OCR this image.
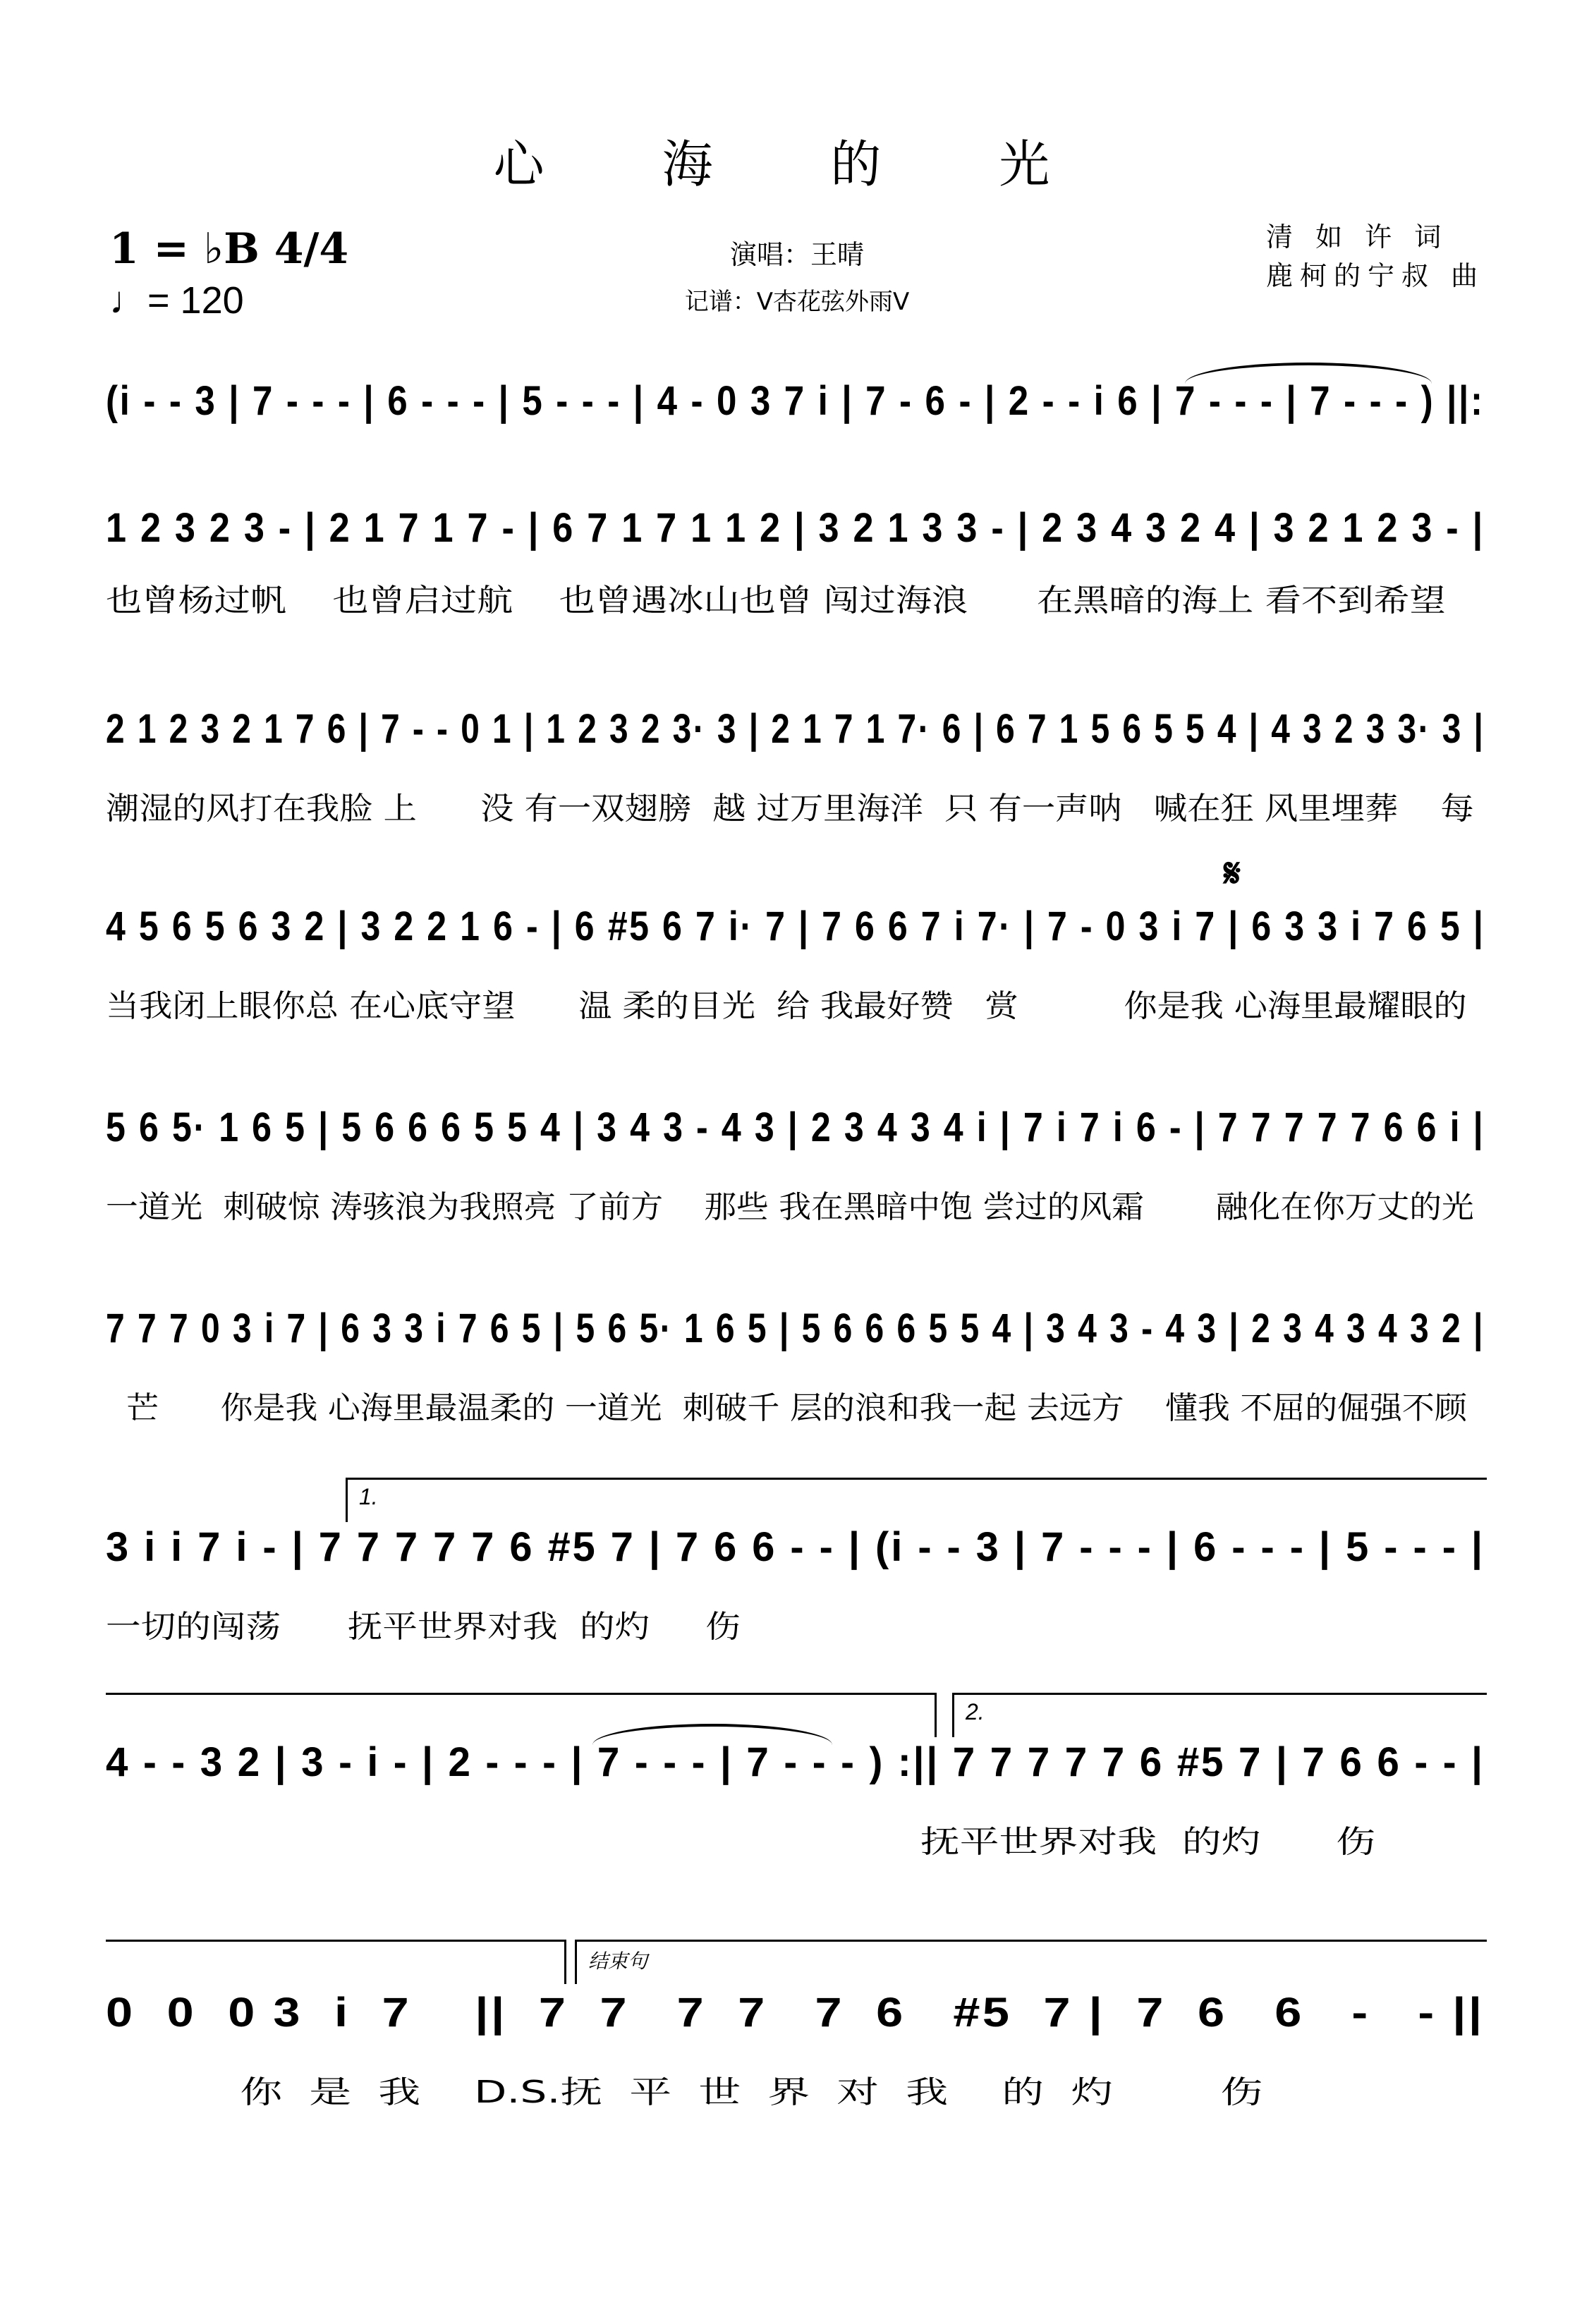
心 海 的 光
1 = ♭B 4/4
♩= 120
演唱：王晴
记谱：V杏花弦外雨V
清 如 许 词
鹿柯的宁叔 曲
(i - - 3 | 7 - - - | 6 - - - | 5 - - - | 4 - 0 3 7 i | 7 - 6 - | 2 - - i 6 | 7 - - - | 7 - - - ) ||:
1 2 3 2 3 - | 2 1 7 1 7 - | 6 7 1 7 1 1 2 | 3 2 1 3 3 - | 2 3 4 3 2 4 | 3 2 1 2 3 - |
也曾杨过帆    也曾启过航    也曾遇冰山也曾 闯过海浪      在黑暗的海上 看不到希望
2 1 2 3 2 1 7 6 | 7 - - 0 1 | 1 2 3 2 3· 3 | 2 1 7 1 7· 6 | 6 7 1 5 6 5 5 4 | 4 3 2 3 3· 3 |
潮湿的风打在我脸 上      没 有一双翅膀  越 过万里海洋  只 有一声呐   喊在狂 风里埋葬    每
𝄋
4 5 6 5 6 3 2 | 3 2 2 1 6 - | 6 #5 6 7 i· 7 | 7 6 6 7 i 7· | 7 - 0 3 i 7 | 6 3 3 i 7 6 5 |
当我闭上眼你总 在心底守望      温 柔的目光  给 我最好赞   赏          你是我 心海里最耀眼的
5 6 5· 1 6 5 | 5 6 6 6 5 5 4 | 3 4 3 - 4 3 | 2 3 4 3 4 i | 7 i 7 i 6 - | 7 7 7 7 7 6 6 i |
一道光  刺破惊 涛骇浪为我照亮 了前方    那些 我在黑暗中饱 尝过的风霜       融化在你万丈的光
7 7 7 0 3 i 7 | 6 3 3 i 7 6 5 | 5 6 5· 1 6 5 | 5 6 6 6 5 5 4 | 3 4 3 - 4 3 | 2 3 4 3 4 3 2 |
芒      你是我 心海里最温柔的 一道光  刺破千 层的浪和我一起 去远方    懂我 不屈的倔强不顾
1.
3 i i 7 i - | 7 7 7 7 7 6 #5 7 | 7 6 6 - - | (i - - 3 | 7 - - - | 6 - - - | 5 - - - |
一切的闯荡      抚平世界对我  的灼     伤
2.
4 - - 3 2 | 3 - i - | 2 - - - | 7 - - - | 7 - - - ) :|| 7 7 7 7 7 6 #5 7 | 7 6 6 - - |
抚平世界对我  的灼      伤
结束句
0  0  0 3  i  7    ||  7  7   7  7   7  6   #5  7 |  7  6   6   -   - ||
你  是  我    D.S.抚  平  世  界  对  我    的  灼        伤
